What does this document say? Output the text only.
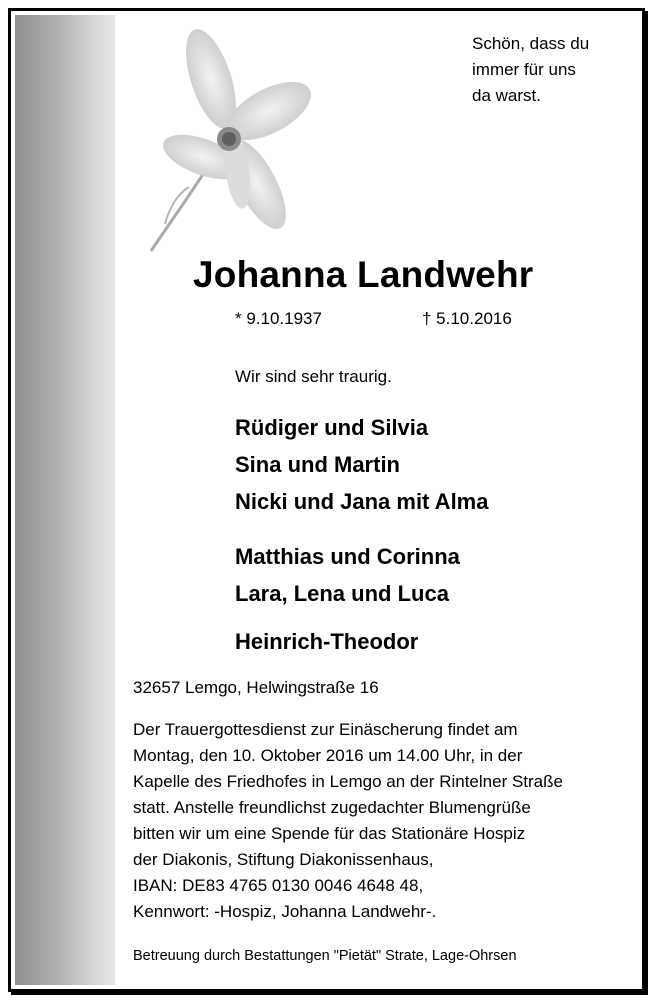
Schön, dass du
immer für uns
da warst.
Johanna Landwehr
* 9.10.1937	† 5.10.2016
Wir sind sehr traurig.
Rüdiger und Silvia
Sina und Martin
Nicki und Jana mit Alma
Matthias und Corinna
Lara, Lena und Luca
Heinrich-Theodor
32657 Lemgo, Helwingstraße 16
Der Trauergottesdienst zur Einäscherung findet am
Montag, den 10. Oktober 2016 um 14.00 Uhr, in der
Kapelle des Friedhofes in Lemgo an der Rintelner Straße
statt. Anstelle freundlichst zugedachter Blumengrüße
bitten wir um eine Spende für das Stationäre Hospiz
der Diakonis, Stiftung Diakonissenhaus,
IBAN: DE83 4765 0130 0046 4648 48,
Kennwort: -Hospiz, Johanna Landwehr-.
Betreuung durch Bestattungen "Pietät" Strate, Lage-Ohrsen
